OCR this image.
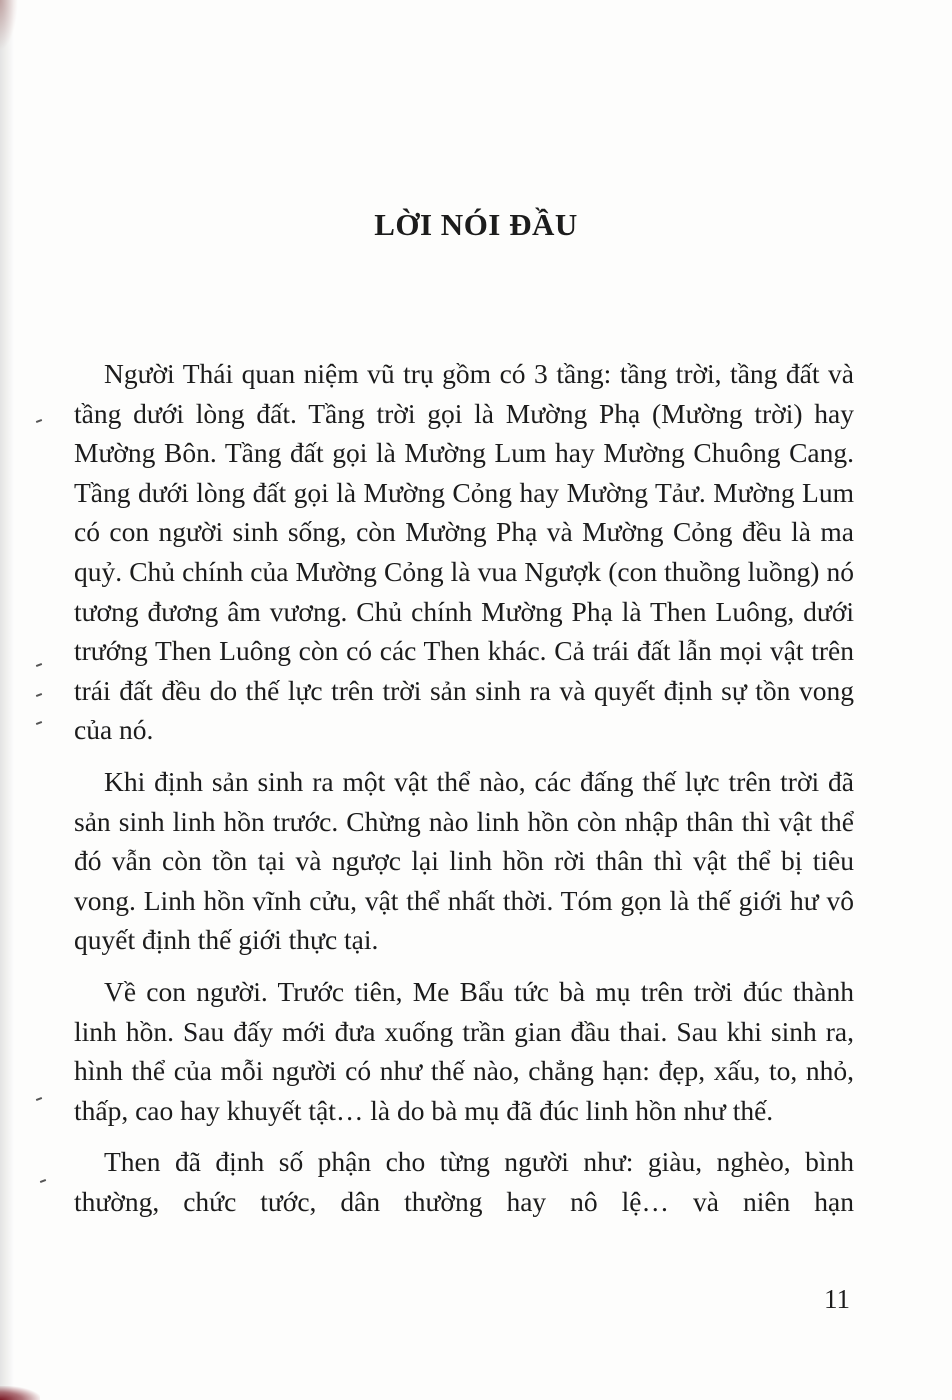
LỜI NÓI ĐẦU

Người Thái quan niệm vũ trụ gồm có 3 tầng: tầng trời, tầng đất và tầng dưới lòng đất. Tầng trời gọi là Mường Phạ (Mường trời) hay Mường Bôn. Tầng đất gọi là Mường Lum hay Mường Chuông Cang. Tầng dưới lòng đất gọi là Mường Cỏng hay Mường Tảư. Mường Lum có con người sinh sống, còn Mường Phạ và Mường Cỏng đều là ma quỷ. Chủ chính của Mường Cỏng là vua Ngượk (con thuồng luồng) nó tương đương âm vương. Chủ chính Mường Phạ là Then Luông, dưới trướng Then Luông còn có các Then khác. Cả trái đất lẫn mọi vật trên trái đất đều do thế lực trên trời sản sinh ra và quyết định sự tồn vong của nó.

Khi định sản sinh ra một vật thể nào, các đấng thế lực trên trời đã sản sinh linh hồn trước. Chừng nào linh hồn còn nhập thân thì vật thể đó vẫn còn tồn tại và ngược lại linh hồn rời thân thì vật thể bị tiêu vong. Linh hồn vĩnh cửu, vật thể nhất thời. Tóm gọn là thế giới hư vô quyết định thế giới thực tại.

Về con người. Trước tiên, Me Bẩu tức bà mụ trên trời đúc thành linh hồn. Sau đấy mới đưa xuống trần gian đầu thai. Sau khi sinh ra, hình thể của mỗi người có như thế nào, chẳng hạn: đẹp, xấu, to, nhỏ, thấp, cao hay khuyết tật… là do bà mụ đã đúc linh hồn như thế.

Then đã định số phận cho từng người như: giàu, nghèo, bình thường, chức tước, dân thường hay nô lệ… và niên hạn

11
